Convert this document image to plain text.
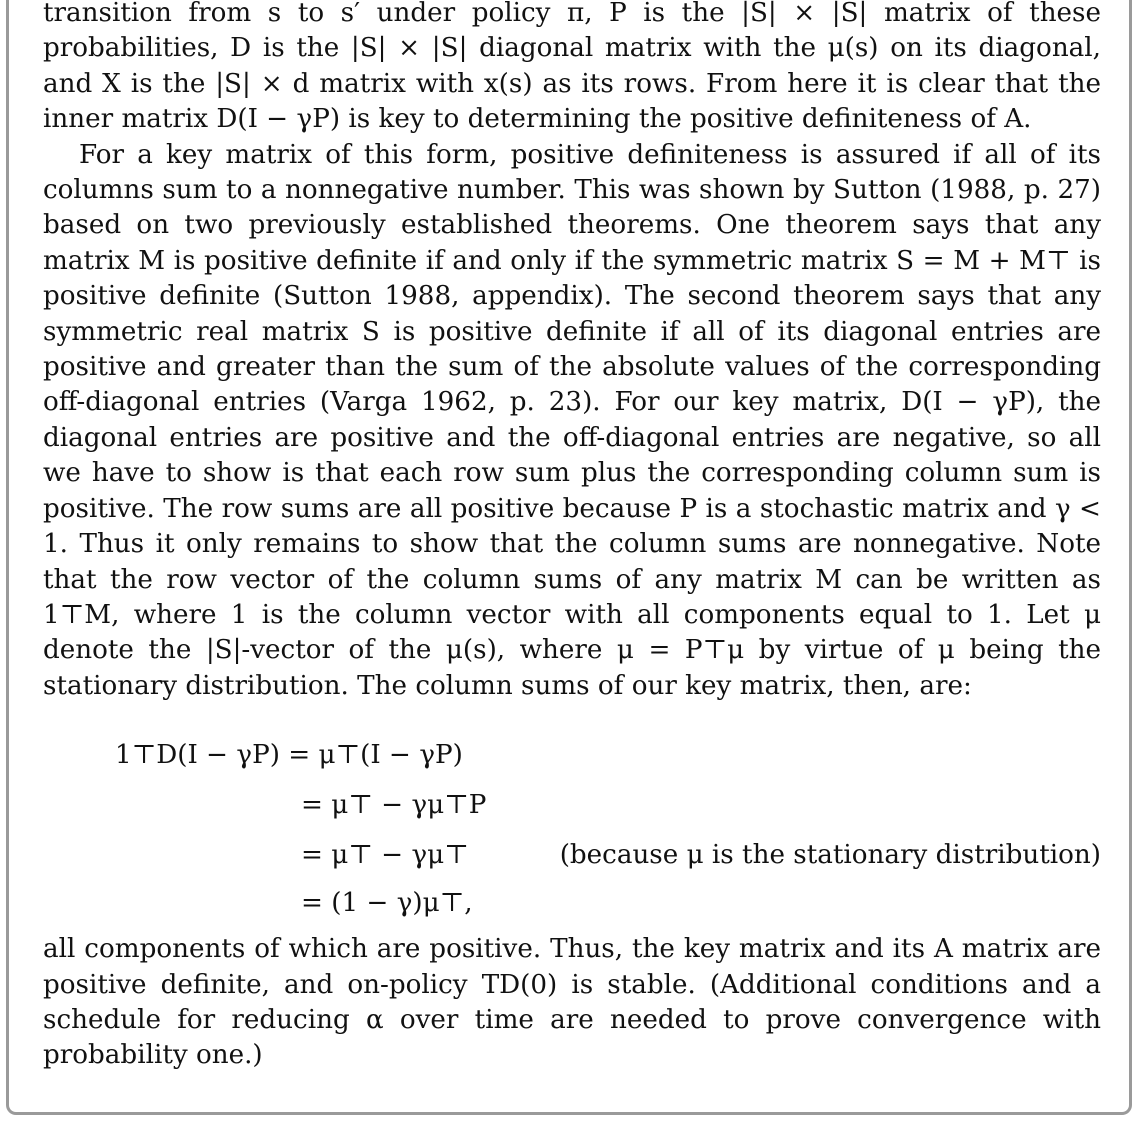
transition from s to s′ under policy π, P is the |S| × |S| matrix of these probabilities, D is the |S| × |S| diagonal matrix with the μ(s) on its diagonal, and X is the |S| × d matrix with x(s) as its rows. From here it is clear that the inner matrix D(I − γP) is key to determining the positive definiteness of A.

For a key matrix of this form, positive definiteness is assured if all of its columns sum to a nonnegative number. This was shown by Sutton (1988, p. 27) based on two previously established theorems. One theorem says that any matrix M is positive definite if and only if the symmetric matrix S = M + M⊤ is positive definite (Sutton 1988, appendix). The second theorem says that any symmetric real matrix S is positive definite if all of its diagonal entries are positive and greater than the sum of the absolute values of the corresponding off-diagonal entries (Varga 1962, p. 23). For our key matrix, D(I − γP), the diagonal entries are positive and the off-diagonal entries are negative, so all we have to show is that each row sum plus the corresponding column sum is positive. The row sums are all positive because P is a stochastic matrix and γ < 1. Thus it only remains to show that the column sums are nonnegative. Note that the row vector of the column sums of any matrix M can be written as 1⊤M, where 1 is the column vector with all components equal to 1. Let μ denote the |S|-vector of the μ(s), where μ = P⊤μ by virtue of μ being the stationary distribution. The column sums of our key matrix, then, are:

1⊤D(I − γP) = μ⊤(I − γP)
= μ⊤ − γμ⊤P
= μ⊤ − γμ⊤
= (1 − γ)μ⊤,
(because μ is the stationary distribution)

all components of which are positive. Thus, the key matrix and its A matrix are positive definite, and on-policy TD(0) is stable. (Additional conditions and a schedule for reducing α over time are needed to prove convergence with probability one.)
